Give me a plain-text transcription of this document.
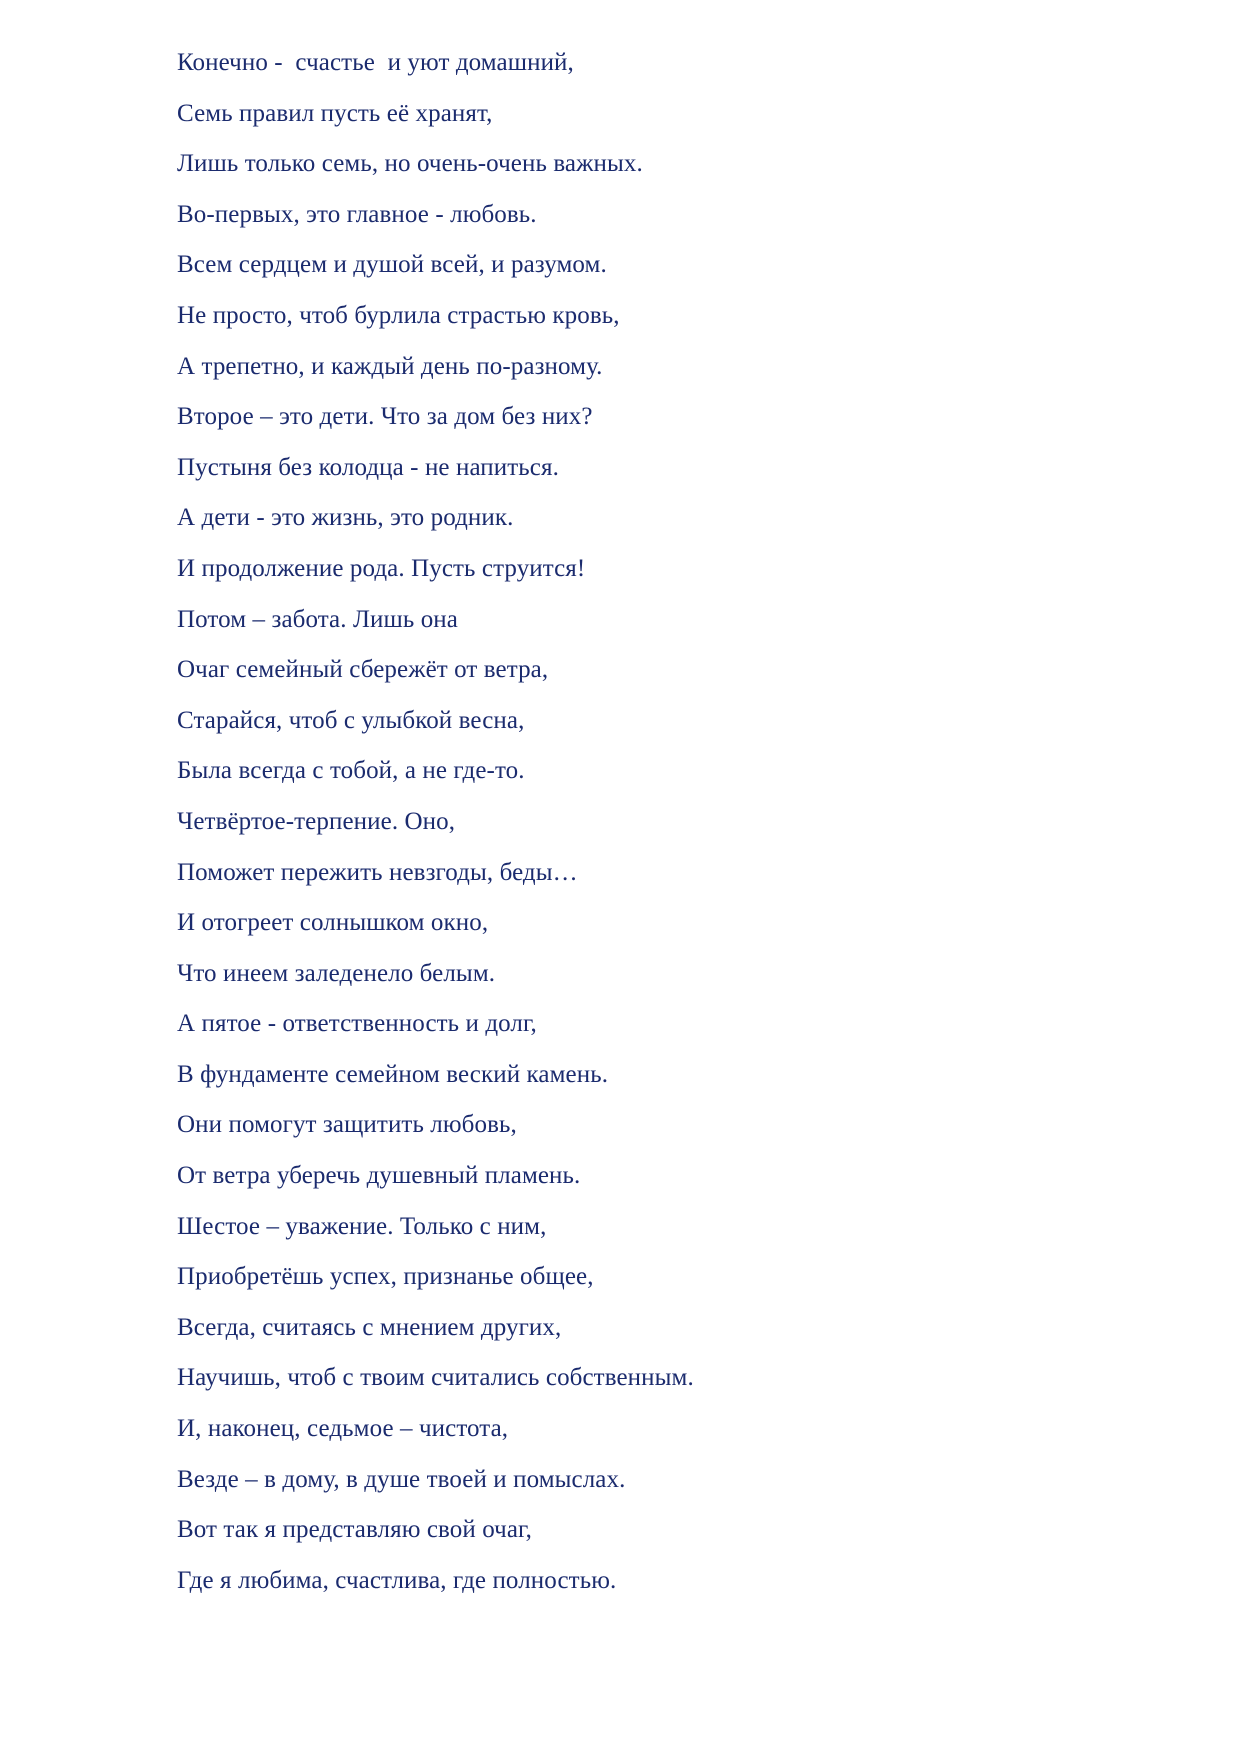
Конечно -  счастье  и уют домашний,
Семь правил пусть её хранят,
Лишь только семь, но очень-очень важных.
Во-первых, это главное - любовь.
Всем сердцем и душой всей, и разумом.
Не просто, чтоб бурлила страстью кровь,
А трепетно, и каждый день по-разному.
Второе – это дети. Что за дом без них?
Пустыня без колодца - не напиться.
А дети - это жизнь, это родник.
И продолжение рода. Пусть струится!
Потом – забота. Лишь она
Очаг семейный сбережёт от ветра,
Старайся, чтоб с улыбкой весна,
Была всегда с тобой, а не где-то.
Четвёртое-терпение. Оно,
Поможет пережить невзгоды, беды…
И отогреет солнышком окно,
Что инеем заледенело белым.
А пятое - ответственность и долг,
В фундаменте семейном веский камень.
Они помогут защитить любовь,
От ветра уберечь душевный пламень.
Шестое – уважение. Только с ним,
Приобретёшь успех, признанье общее,
Всегда, считаясь с мнением других,
Научишь, чтоб с твоим считались собственным.
И, наконец, седьмое – чистота,
Везде – в дому, в душе твоей и помыслах.
Вот так я представляю свой очаг,
Где я любима, счастлива, где полностью.
